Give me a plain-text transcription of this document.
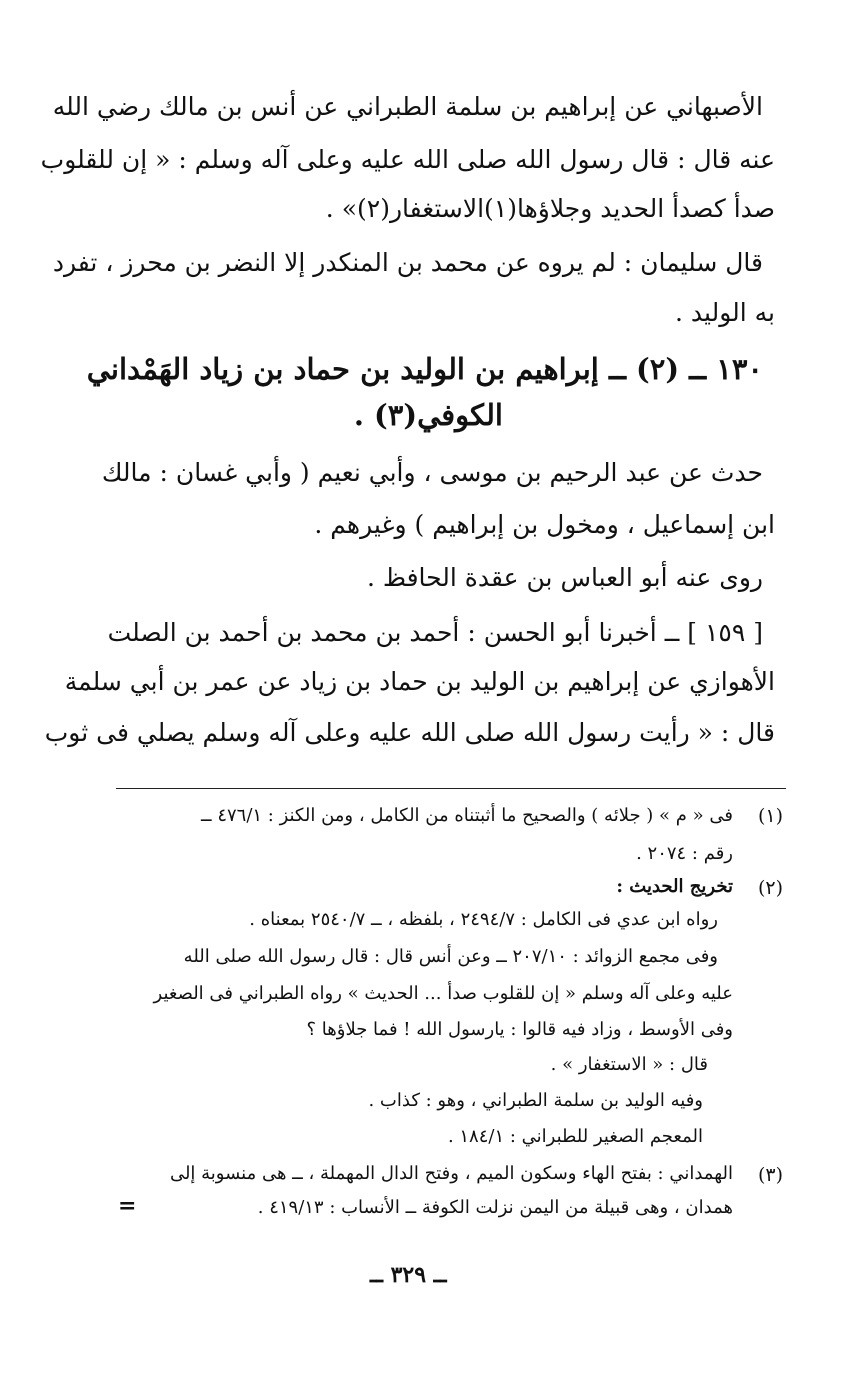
الأصبهاني عن إبراهيم بن سلمة الطبراني عن أنس بن مالك رضي الله
عنه قال : قال رسول الله صلى الله عليه وعلى آله وسلم : « إن للقلوب
صدأ كصدأ الحديد وجلاؤها(١)الاستغفار(٢)» .
قال سليمان : لم يروه عن محمد بن المنكدر إلا النضر بن محرز ، تفرد
به الوليد .
١٣٠ ــ (٢) ــ إبراهيم بن الوليد بن حماد بن زياد الهَمْداني
الكوفي(٣) .
حدث عن عبد الرحيم بن موسى ، وأبي نعيم ( وأبي غسان : مالك
ابن إسماعيل ، ومخول بن إبراهيم ) وغيرهم .
روى عنه أبو العباس بن عقدة الحافظ .
[ ١٥٩ ] ــ أخبرنا أبو الحسن : أحمد بن محمد بن أحمد بن الصلت
الأهوازي عن إبراهيم بن الوليد بن حماد بن زياد عن عمر بن أبي سلمة
قال : « رأيت رسول الله صلى الله عليه وعلى آله وسلم يصلي فى ثوب
(١)
فى « م » ( جلائه ) والصحيح ما أثبتناه من الكامل ، ومن الكنز : ٤٧٦/١ ــ
رقم : ٢٠٧٤ .
(٢)
تخريج الحديث :
رواه ابن عدي فى الكامل : ٢٤٩٤/٧ ، بلفظه ، ــ ٢٥٤٠/٧ بمعناه .
وفى مجمع الزوائد : ٢٠٧/١٠ ــ وعن أنس قال : قال رسول الله صلى الله
عليه وعلى آله وسلم « إن للقلوب صدأ ... الحديث » رواه الطبراني فى الصغير
وفى الأوسط ، وزاد فيه قالوا : يارسول الله ! فما جلاؤها ؟
قال : « الاستغفار » .
وفيه الوليد بن سلمة الطبراني ، وهو : كذاب .
المعجم الصغير للطبراني : ١٨٤/١ .
(٣)
الهمداني : بفتح الهاء وسكون الميم ، وفتح الدال المهملة ، ــ هى منسوبة إلى
همدان ، وهى قبيلة من اليمن نزلت الكوفة ــ الأنساب : ٤١٩/١٣ .
=
ــ ٣٢٩ ــ
